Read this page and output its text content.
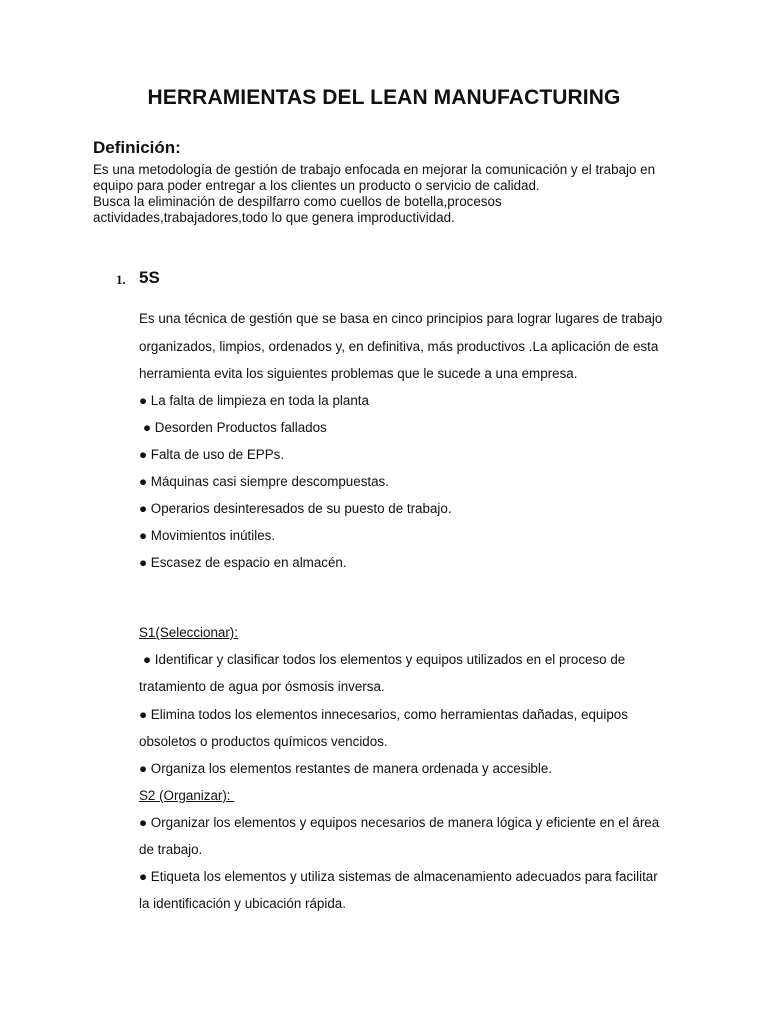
HERRAMIENTAS DEL LEAN MANUFACTURING
Definición:
Es una metodología de gestión de trabajo enfocada en mejorar la comunicación y el trabajo en
equipo para poder entregar a los clientes un producto o servicio de calidad.
Busca la eliminación de despilfarro como cuellos de botella,procesos
actividades,trabajadores,todo lo que genera improductividad.
1. 5S
Es una técnica de gestión que se basa en cinco principios para lograr lugares de trabajo
organizados, limpios, ordenados y, en definitiva, más productivos .La aplicación de esta
herramienta evita los siguientes problemas que le sucede a una empresa.
● La falta de limpieza en toda la planta
● Desorden Productos fallados
● Falta de uso de EPPs.
● Máquinas casi siempre descompuestas.
● Operarios desinteresados de su puesto de trabajo.
● Movimientos inútiles.
● Escasez de espacio en almacén.
S1(Seleccionar):
● Identificar y clasificar todos los elementos y equipos utilizados en el proceso de
tratamiento de agua por ósmosis inversa.
● Elimina todos los elementos innecesarios, como herramientas dañadas, equipos
obsoletos o productos químicos vencidos.
● Organiza los elementos restantes de manera ordenada y accesible.
S2 (Organizar):
● Organizar los elementos y equipos necesarios de manera lógica y eficiente en el área
de trabajo.
● Etiqueta los elementos y utiliza sistemas de almacenamiento adecuados para facilitar
la identificación y ubicación rápida.
